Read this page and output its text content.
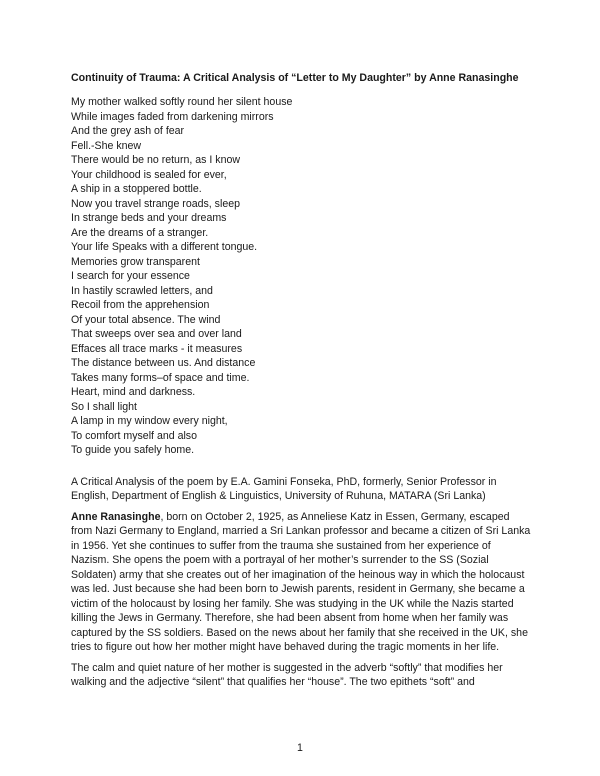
Continuity of Trauma: A Critical Analysis of “Letter to My Daughter” by Anne Ranasinghe
My mother walked softly round her silent house
While images faded from darkening mirrors
And the grey ash of fear
Fell.-She knew
There would be no return, as I know
Your childhood is sealed for ever,
A ship in a stoppered bottle.
Now you travel strange roads, sleep
In strange beds and your dreams
Are the dreams of a stranger.
Your life Speaks with a different tongue.
Memories grow transparent
I search for your essence
In hastily scrawled letters, and
Recoil from the apprehension
Of your total absence. The wind
That sweeps over sea and over land
Effaces all trace marks - it measures
The distance between us. And distance
Takes many forms–of space and time.
Heart, mind and darkness.
So I shall light
A lamp in my window every night,
To comfort myself and also
To guide you safely home.
A Critical Analysis of the poem by E.A. Gamini Fonseka, PhD, formerly, Senior Professor in English, Department of English & Linguistics, University of Ruhuna, MATARA (Sri Lanka)
Anne Ranasinghe, born on October 2, 1925, as Anneliese Katz in Essen, Germany, escaped from Nazi Germany to England, married a Sri Lankan professor and became a citizen of Sri Lanka in 1956. Yet she continues to suffer from the trauma she sustained from her experience of Nazism. She opens the poem with a portrayal of her mother’s surrender to the SS (Sozial Soldaten) army that she creates out of her imagination of the heinous way in which the holocaust was led. Just because she had been born to Jewish parents, resident in Germany, she became a victim of the holocaust by losing her family. She was studying in the UK while the Nazis started killing the Jews in Germany. Therefore, she had been absent from home when her family was captured by the SS soldiers. Based on the news about her family that she received in the UK, she tries to figure out how her mother might have behaved during the tragic moments in her life.
The calm and quiet nature of her mother is suggested in the adverb “softly” that modifies her walking and the adjective “silent” that qualifies her “house”. The two epithets “soft” and
1
